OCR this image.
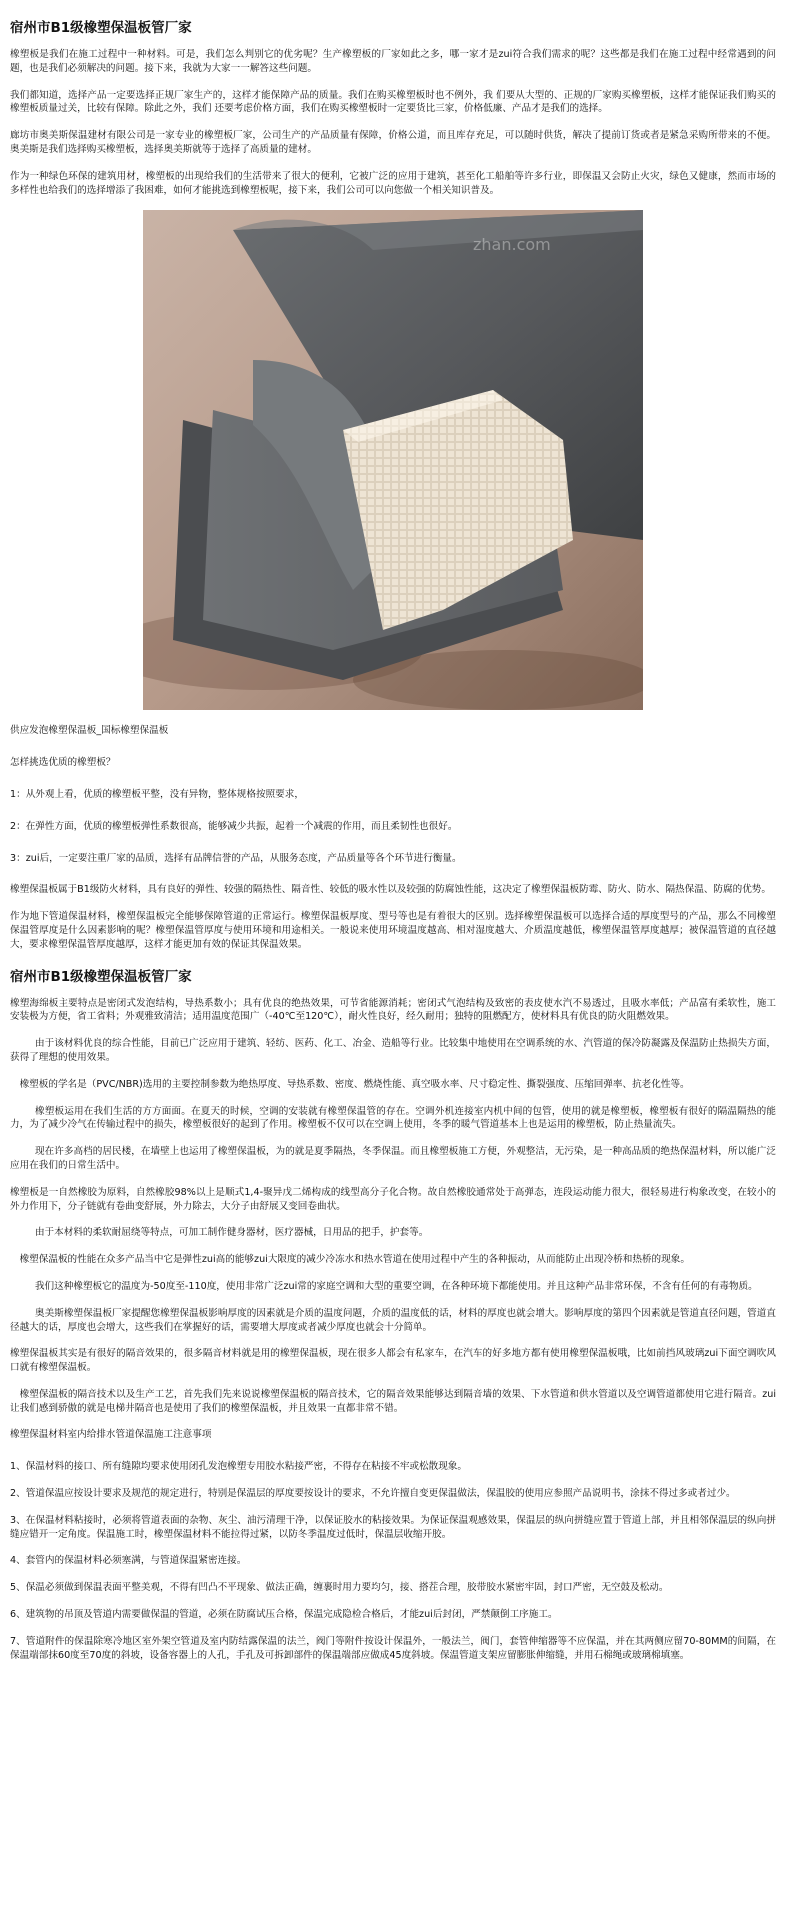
宿州市B1级橡塑保温板管厂家

橡塑板是我们在施工过程中一种材料。可是，我们怎么判别它的优劣呢？生产橡塑板的厂家如此之多，哪一家才是zui符合我们需求的呢？这些都是我们在施工过程中经常遇到的问题，也是我们必须解决的问题。接下来，我就为大家一一解答这些问题。

我们都知道，选择产品一定要选择正规厂家生产的，这样才能保障产品的质量。我们在购买橡塑板时也不例外，我 们要从大型的、正规的厂家购买橡塑板，这样才能保证我们购买的橡塑板质量过关，比较有保障。除此之外，我们 还要考虑价格方面，我们在购买橡塑板时一定要货比三家，价格低廉、产品才是我们的选择。

廊坊市奥美斯保温建材有限公司是一家专业的橡塑板厂家，公司生产的产品质量有保障，价格公道，而且库存充足，可以随时供货，解决了提前订货或者是紧急采购所带来的不便。奥美斯是我们选择购买橡塑板，选择奥美斯就等于选择了高质量的建材。

作为一种绿色环保的建筑用材，橡塑板的出现给我们的生活带来了很大的便利，它被广泛的应用于建筑，甚至化工船舶等许多行业，即保温又会防止火灾，绿色又健康，然而市场的多样性也给我们的选择增添了我困难，如何才能挑选到橡塑板呢，接下来，我们公司可以向您做一个相关知识普及。

zhan.com

供应发泡橡塑保温板_国标橡塑保温板

怎样挑选优质的橡塑板？

1：从外观上看，优质的橡塑板平整，没有异物，整体规格按照要求，

2：在弹性方面，优质的橡塑板弹性系数很高，能够减少共振，起着一个减震的作用，而且柔韧性也很好。

3：zui后，一定要注重厂家的品质，选择有品牌信誉的产品，从服务态度，产品质量等各个环节进行衡量。

橡塑保温板属于B1级防火材料，具有良好的弹性、较强的隔热性、隔音性、较低的吸水性以及较强的防腐蚀性能，这决定了橡塑保温板防霉、防火、防水、隔热保温、防腐的优势。

作为地下管道保温材料，橡塑保温板完全能够保障管道的正常运行。橡塑保温板厚度、型号等也是有着很大的区别。选择橡塑保温板可以选择合适的厚度型号的产品，那么不同橡塑保温管厚度是什么因素影响的呢？橡塑保温管厚度与使用环境和用途相关。一般说来使用环境温度越高、相对湿度越大、介质温度越低，橡塑保温管厚度越厚；被保温管道的直径越大，要求橡塑保温管厚度越厚，这样才能更加有效的保证其保温效果。

宿州市B1级橡塑保温板管厂家

橡塑海绵板主要特点是密闭式发泡结构，导热系数小；具有优良的绝热效果，可节省能源消耗；密闭式气泡结构及致密的表皮使水汽不易透过，且吸水率低；产品富有柔软性，施工安装极为方便，省工省料；外观雅致清洁；适用温度范围广（-40℃至120℃），耐火性良好，经久耐用；独特的阻燃配方，使材料具有优良的防火阻燃效果。

由于该材料优良的综合性能，目前已广泛应用于建筑、轻纺、医药、化工、冶金、造船等行业。比较集中地使用在空调系统的水、汽管道的保冷防凝露及保温防止热损失方面，获得了理想的使用效果。

橡塑板的学名是（PVC/NBR)选用的主要控制参数为绝热厚度、导热系数、密度、燃烧性能、真空吸水率、尺寸稳定性、撕裂强度、压缩回弹率、抗老化性等。

橡塑板运用在我们生活的方方面面。在夏天的时候，空调的安装就有橡塑保温管的存在。空调外机连接室内机中间的包管，使用的就是橡塑板，橡塑板有很好的隔温隔热的能力，为了减少冷气在传输过程中的损失，橡塑板很好的起到了作用。橡塑板不仅可以在空调上使用，冬季的暖气管道基本上也是运用的橡塑板，防止热量流失。

现在许多高档的居民楼，在墙壁上也运用了橡塑保温板，为的就是夏季隔热，冬季保温。而且橡塑板施工方便，外观整洁，无污染，是一种高品质的绝热保温材料，所以能广泛应用在我们的日常生活中。

橡塑板是一自然橡胶为原料，自然橡胶98%以上是顺式1,4-聚异戊二烯构成的线型高分子化合物。故自然橡胶通常处于高弹态，连段运动能力很大，很轻易进行构象改变，在较小的外力作用下，分子链就有卷曲变舒展，外力除去，大分子由舒展又变回卷曲状。

由于本材料的柔软耐屈绕等特点，可加工制作健身器材，医疗器械，日用品的把手，护套等。

橡塑保温板的性能在众多产品当中它是弹性zui高的能够zui大限度的减少冷冻水和热水管道在使用过程中产生的各种振动，从而能防止出现冷桥和热桥的现象。

我们这种橡塑板它的温度为-50度至-110度，使用非常广泛zui常的家庭空调和大型的重要空调，在各种环境下都能使用。并且这种产品非常环保，不含有任何的有毒物质。

奥美斯橡塑保温板厂家提醒您橡塑保温板影响厚度的因素就是介质的温度问题，介质的温度低的话，材料的厚度也就会增大。影响厚度的第四个因素就是管道直径问题，管道直径越大的话，厚度也会增大，这些我们在掌握好的话，需要增大厚度或者减少厚度也就会十分简单。

橡塑保温板其实是有很好的隔音效果的，很多隔音材料就是用的橡塑保温板，现在很多人都会有私家车，在汽车的好多地方都有使用橡塑保温板哦，比如前挡风玻璃zui下面空调吹风口就有橡塑保温板。

橡塑保温板的隔音技术以及生产工艺，首先我们先来说说橡塑保温板的隔音技术，它的隔音效果能够达到隔音墙的效果、下水管道和供水管道以及空调管道都使用它进行隔音。zui让我们感到骄傲的就是电梯井隔音也是使用了我们的橡塑保温板，并且效果一直都非常不错。

橡塑保温材料室内给排水管道保温施工注意事项

1、保温材料的接口、所有缝隙均要求使用闭孔发泡橡塑专用胶水粘接严密，不得存在粘接不牢或松散现象。

2、管道保温应按设计要求及规范的规定进行，特别是保温层的厚度要按设计的要求，不允许擅自变更保温做法，保温胶的使用应参照产品说明书，涂抹不得过多或者过少。

3、在保温材料粘接时，必须将管道表面的杂物、灰尘、油污清理干净，以保证胶水的粘接效果。为保证保温观感效果，保温层的纵向拼缝应置于管道上部，并且相邻保温层的纵向拼缝应错开一定角度。保温施工时，橡塑保温材料不能拉得过紧，以防冬季温度过低时，保温层收缩开胶。

4、套管内的保温材料必须塞满，与管道保温紧密连接。

5、保温必须做到保温表面平整美观，不得有凹凸不平现象、做法正确，缠裹时用力要均匀，接、搭茬合理，胶带胶水紧密牢固，封口严密，无空鼓及松动。

6、建筑物的吊顶及管道内需要做保温的管道，必须在防腐试压合格，保温完成隐检合格后，才能zui后封闭，严禁颠倒工序施工。

7、管道附件的保温除寒冷地区室外架空管道及室内防结露保温的法兰，阀门等附件按设计保温外，一般法兰，阀门，套管伸缩器等不应保温，并在其两侧应留70-80MM的间隔，在保温端部抹60度至70度的斜坡，设备容器上的人孔，手孔及可拆卸部件的保温端部应做成45度斜坡。保温管道支架应留膨胀伸缩缝，并用石棉绳或玻璃棉填塞。
